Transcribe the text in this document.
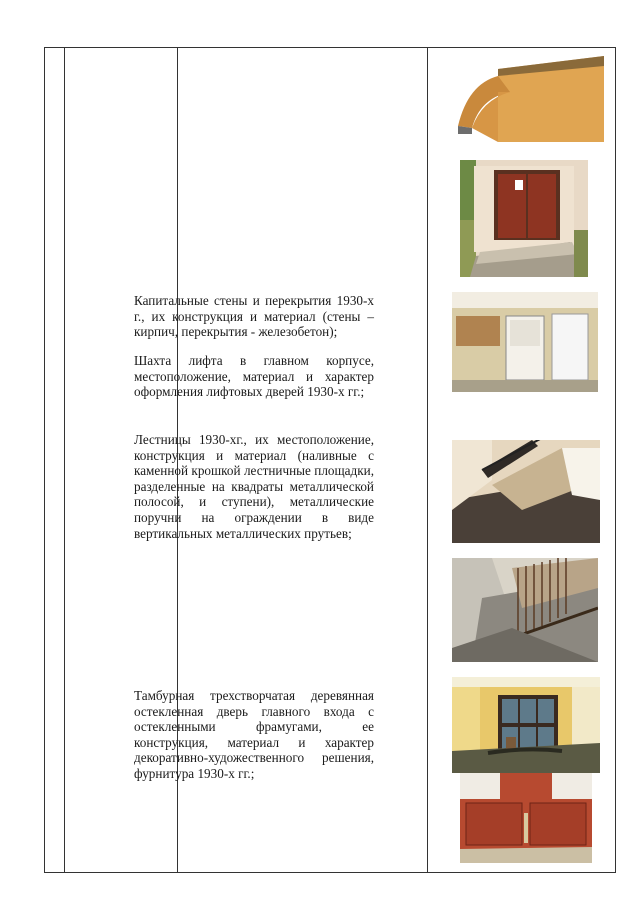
Капитальные стены и перекрытия 1930-х г., их конструкция и материал (стены – кирпич, перекрытия - железобетон);
Шахта лифта в главном корпусе, местоположение, материал и характер оформления лифтовых дверей 1930-х гг.;
Лестницы 1930-хг., их местоположение, конструкция и материал (наливные с каменной крошкой лестничные площадки, разделенные на квадраты металлической полосой, и ступени), металлические поручни на ограждении в виде вертикальных металлических прутьев;
Тамбурная трехстворчатая деревянная остекленная дверь главного входа с остекленными фрамугами, ее конструкция, материал и характер декоративно-художественного решения, фурнитура 1930-х гг.;
